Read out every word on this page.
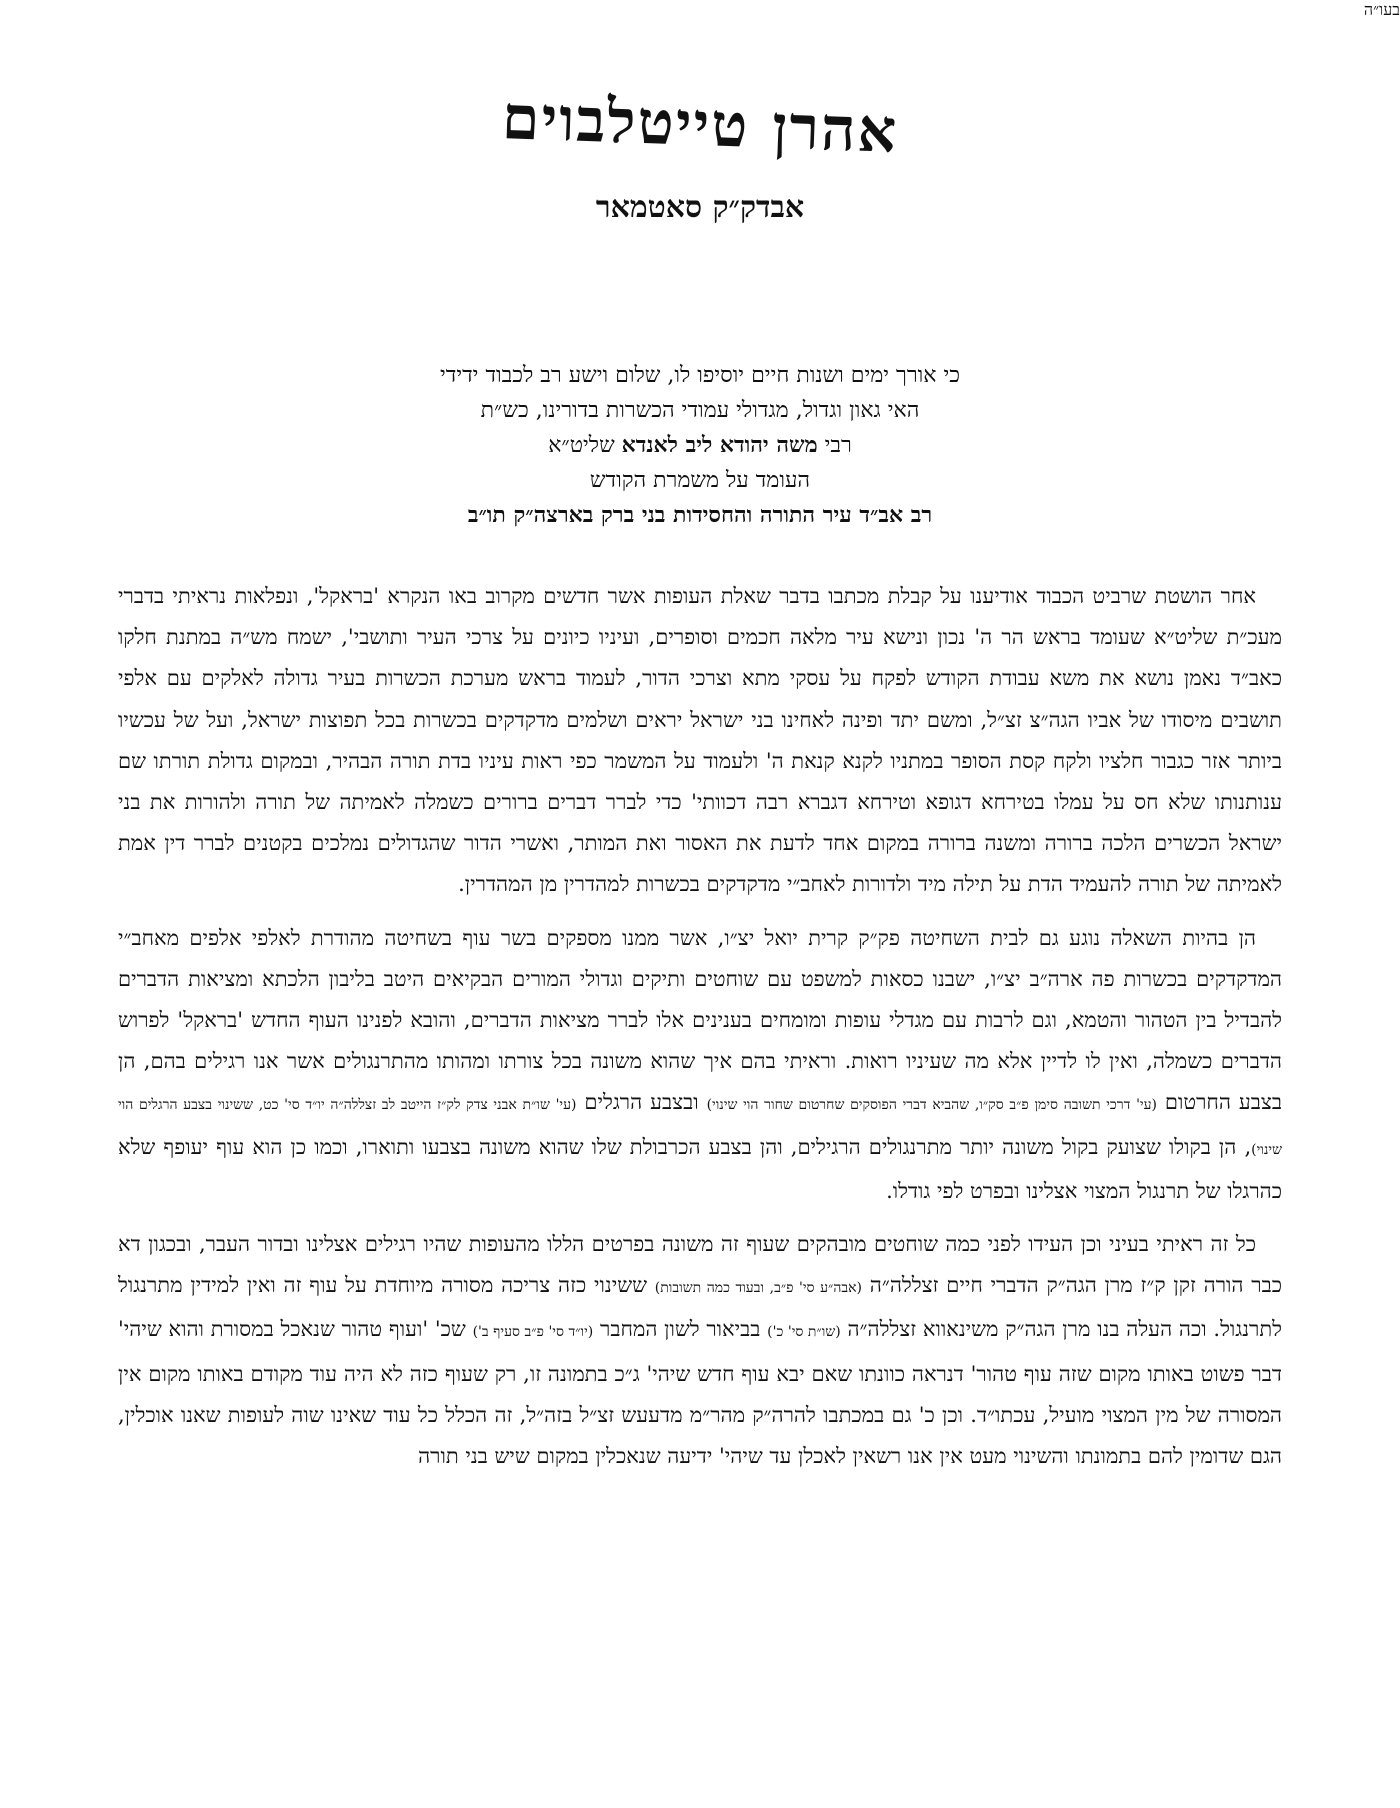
אהרן טייטלבוים
אבדק״ק סאטמאר
בעו״ה
כי אורך ימים ושנות חיים יוסיפו לו, שלום וישע רב לכבוד ידידי
האי גאון וגדול, מגדולי עמודי הכשרות בדורינו, כש״ת
רבי משה יהודא ליב לאנדא שליט״א
העומד על משמרת הקודש
רב אב״ד עיר התורה והחסידות בני ברק בארצה״ק תו״ב

אחר הושטת שרביט הכבוד אודיענו על קבלת מכתבו בדבר שאלת העופות אשר חדשים מקרוב באו הנקרא 'בראקל', ונפלאות נראיתי בדברי מעכ״ת שליט״א שעומד בראש הר ה' נכון ונישא עיר מלאה חכמים וסופרים, ועיניו כיונים על צרכי העיר ותושבי', ישמח מש״ה במתנת חלקו כאב״ד נאמן נושא את משא עבודת הקודש לפקח על עסקי מתא וצרכי הדור, לעמוד בראש מערכת הכשרות בעיר גדולה לאלקים עם אלפי תושבים מיסודו של אביו הגה״צ זצ״ל, ומשם יתד ופינה לאחינו בני ישראל יראים ושלמים מדקדקים בכשרות בכל תפוצות ישראל, ועל של עכשיו ביותר אזר כגבור חלציו ולקח קסת הסופר במתניו לקנא קנאת ה' ולעמוד על המשמר כפי ראות עיניו בדת תורה הבהיר, ובמקום גדולת תורתו שם ענותנותו שלא חס על עמלו בטירחא דגופא וטירחא דגברא רבה דכוותי' כדי לברר דברים ברורים כשמלה לאמיתה של תורה ולהורות את בני ישראל הכשרים הלכה ברורה ומשנה ברורה במקום אחד לדעת את האסור ואת המותר, ואשרי הדור שהגדולים נמלכים בקטנים לברר דין אמת לאמיתה של תורה להעמיד הדת על תילה מיד ולדורות לאחב״י מדקדקים בכשרות למהדרין מן המהדרין.

הן בהיות השאלה נוגע גם לבית השחיטה פק״ק קרית יואל יצ״ו, אשר ממנו מספקים בשר עוף בשחיטה מהודרת לאלפי אלפים מאחב״י המדקדקים בכשרות פה ארה״ב יצ״ו, ישבנו כסאות למשפט עם שוחטים ותיקים וגדולי המורים הבקיאים היטב בליבון הלכתא ומציאות הדברים להבדיל בין הטהור והטמא, וגם לרבות עם מגדלי עופות ומומחים בענינים אלו לברר מציאות הדברים, והובא לפנינו העוף החדש 'בראקל' לפרוש הדברים כשמלה, ואין לו לדיין אלא מה שעיניו רואות. וראיתי בהם איך שהוא משונה בכל צורתו ומהותו מהתרנגולים אשר אנו רגילים בהם, הן בצבע החרטום (עי' דרכי תשובה סימן פ״ב סק״ו, שהביא דברי הפוסקים שחרטום שחור הוי שינוי) ובצבע הרגלים (עי' שו״ת אבני צדק לק״ז הייטב לב זצללה״ה יו״ד סי' כט, ששינוי בצבע הרגלים הוי שינוי), הן בקולו שצועק בקול משונה יותר מתרנגולים הרגילים, והן בצבע הכרבולת שלו שהוא משונה בצבעו ותוארו, וכמו כן הוא עוף יעופף שלא כהרגלו של תרנגול המצוי אצלינו ובפרט לפי גודלו.

כל זה ראיתי בעיני וכן העידו לפני כמה שוחטים מובהקים שעוף זה משונה בפרטים הללו מהעופות שהיו רגילים אצלינו ובדור העבר, ובכגון דא כבר הורה זקן ק״ז מרן הגה״ק הדברי חיים זצללה״ה (אבה״ע סי' פ״ב, ובעוד כמה תשובות) ששינוי כזה צריכה מסורה מיוחדת על עוף זה ואין למידין מתרנגול לתרנגול. וכה העלה בנו מרן הגה״ק משינאווא זצללה״ה (שו״ת סי' כ') בביאור לשון המחבר (יו״ד סי' פ״ב סעיף ב') שכ' 'ועוף טהור שנאכל במסורת והוא שיהי' דבר פשוט באותו מקום שזה עוף טהור' דנראה כוונתו שאם יבא עוף חדש שיהי' ג״כ בתמונה זו, רק שעוף כזה לא היה עוד מקודם באותו מקום אין המסורה של מין המצוי מועיל, עכתו״ד. וכן כ' גם במכתבו להרה״ק מהר״מ מדעעש זצ״ל בזה״ל, זה הכלל כל עוד שאינו שוה לעופות שאנו אוכלין, הגם שדומין להם בתמונתו והשינוי מעט אין אנו רשאין לאכלן עד שיהי' ידיעה שנאכלין במקום שיש בני תורה
